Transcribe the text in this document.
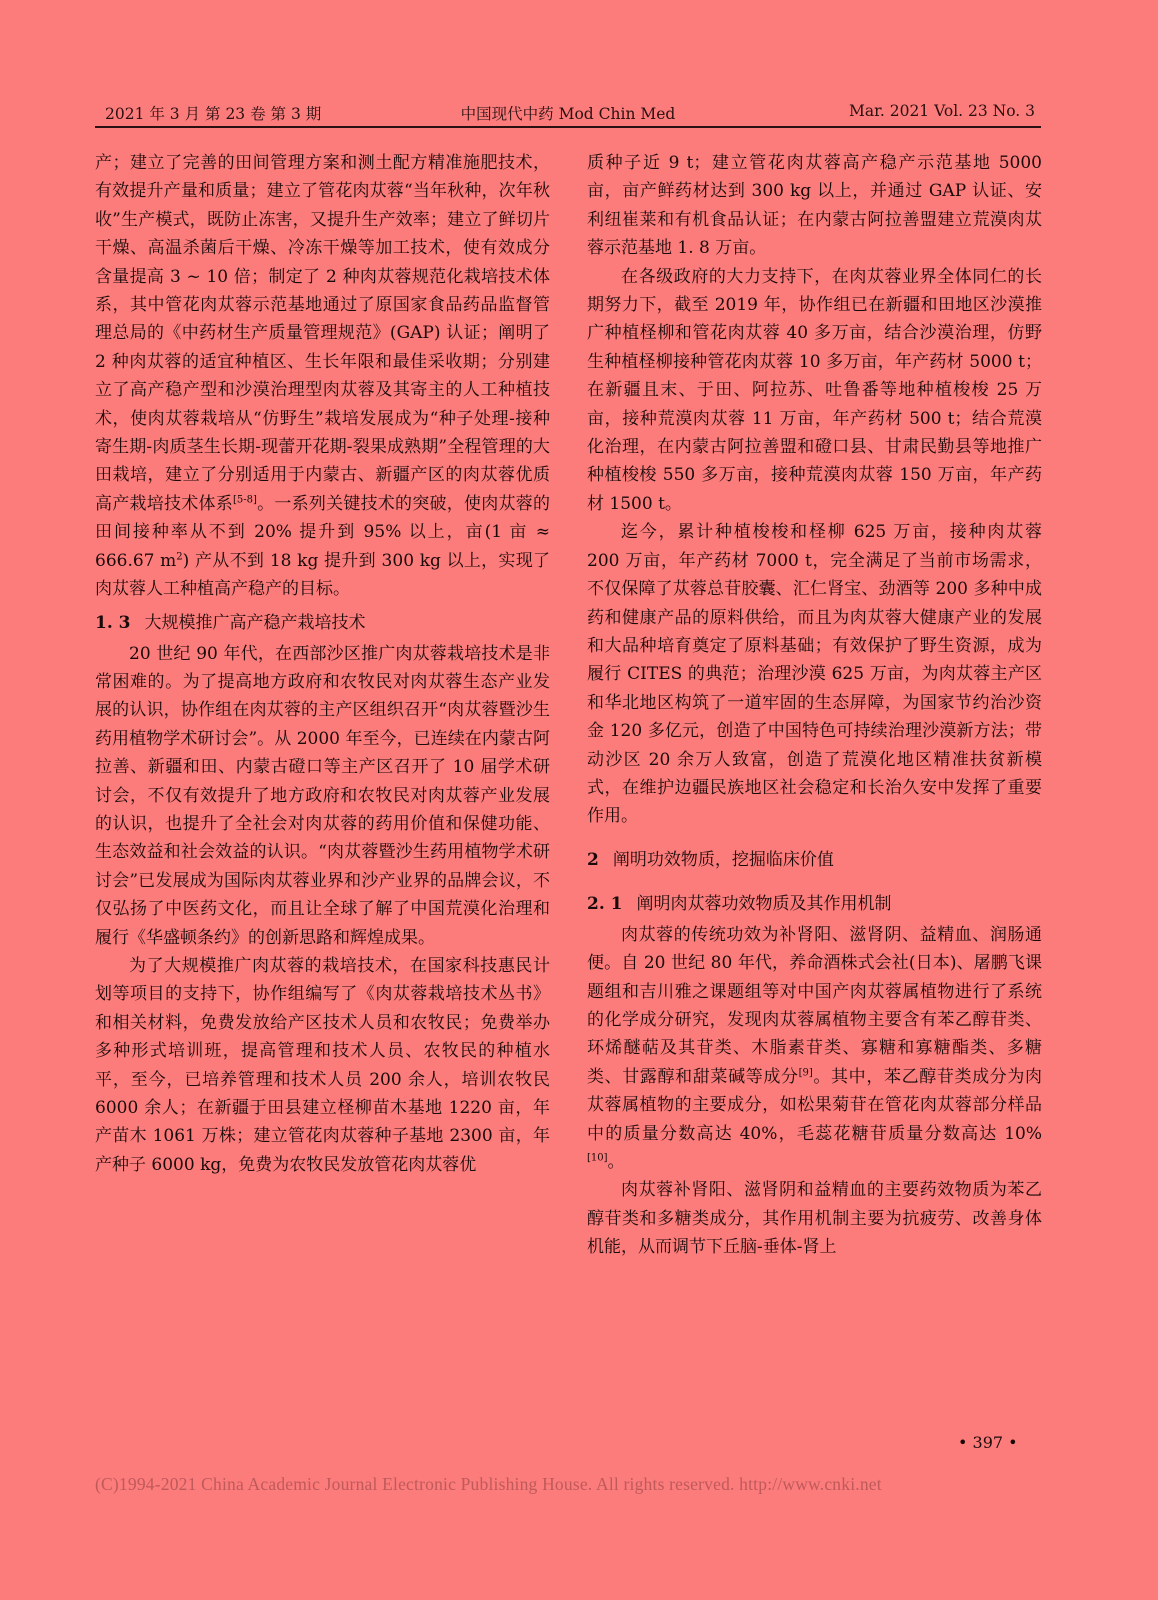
2021 年 3 月 第 23 卷 第 3 期	中国现代中药 Mod Chin Med	Mar. 2021 Vol. 23 No. 3

产；建立了完善的田间管理方案和测土配方精准施肥技术，有效提升产量和质量；建立了管花肉苁蓉“当年秋种，次年秋收”生产模式，既防止冻害，又提升生产效率；建立了鲜切片干燥、高温杀菌后干燥、冷冻干燥等加工技术，使有效成分含量提高 3 ~ 10 倍；制定了 2 种肉苁蓉规范化栽培技术体系，其中管花肉苁蓉示范基地通过了原国家食品药品监督管理总局的《中药材生产质量管理规范》(GAP) 认证；阐明了 2 种肉苁蓉的适宜种植区、生长年限和最佳采收期；分别建立了高产稳产型和沙漠治理型肉苁蓉及其寄主的人工种植技术，使肉苁蓉栽培从“仿野生”栽培发展成为“种子处理-接种寄生期-肉质茎生长期-现蕾开花期-裂果成熟期”全程管理的大田栽培，建立了分别适用于内蒙古、新疆产区的肉苁蓉优质高产栽培技术体系[5-8]。一系列关键技术的突破，使肉苁蓉的田间接种率从不到 20% 提升到 95% 以上，亩(1 亩 ≈ 666.67 $m^2$) 产从不到 18 kg 提升到 300 kg 以上，实现了肉苁蓉人工种植高产稳产的目标。

1. 3 大规模推广高产稳产栽培技术

20 世纪 90 年代，在西部沙区推广肉苁蓉栽培技术是非常困难的。为了提高地方政府和农牧民对肉苁蓉生态产业发展的认识，协作组在肉苁蓉的主产区组织召开“肉苁蓉暨沙生药用植物学术研讨会”。从 2000 年至今，已连续在内蒙古阿拉善、新疆和田、内蒙古磴口等主产区召开了 10 届学术研讨会，不仅有效提升了地方政府和农牧民对肉苁蓉产业发展的认识，也提升了全社会对肉苁蓉的药用价值和保健功能、生态效益和社会效益的认识。“肉苁蓉暨沙生药用植物学术研讨会”已发展成为国际肉苁蓉业界和沙产业界的品牌会议，不仅弘扬了中医药文化，而且让全球了解了中国荒漠化治理和履行《华盛顿条约》的创新思路和辉煌成果。

为了大规模推广肉苁蓉的栽培技术，在国家科技惠民计划等项目的支持下，协作组编写了《肉苁蓉栽培技术丛书》和相关材料，免费发放给产区技术人员和农牧民；免费举办多种形式培训班，提高管理和技术人员、农牧民的种植水平，至今，已培养管理和技术人员 200 余人，培训农牧民 6000 余人；在新疆于田县建立柽柳苗木基地 1220 亩，年产苗木 1061 万株；建立管花肉苁蓉种子基地 2300 亩，年产种子 6000 kg，免费为农牧民发放管花肉苁蓉优

质种子近 9 t；建立管花肉苁蓉高产稳产示范基地 5000 亩，亩产鲜药材达到 300 kg 以上，并通过 GAP 认证、安利纽崔莱和有机食品认证；在内蒙古阿拉善盟建立荒漠肉苁蓉示范基地 1. 8 万亩。

在各级政府的大力支持下，在肉苁蓉业界全体同仁的长期努力下，截至 2019 年，协作组已在新疆和田地区沙漠推广种植柽柳和管花肉苁蓉 40 多万亩，结合沙漠治理，仿野生种植柽柳接种管花肉苁蓉 10 多万亩，年产药材 5000 t；在新疆且末、于田、阿拉苏、吐鲁番等地种植梭梭 25 万亩，接种荒漠肉苁蓉 11 万亩，年产药材 500 t；结合荒漠化治理，在内蒙古阿拉善盟和磴口县、甘肃民勤县等地推广种植梭梭 550 多万亩，接种荒漠肉苁蓉 150 万亩，年产药材 1500 t。

迄今，累计种植梭梭和柽柳 625 万亩，接种肉苁蓉 200 万亩，年产药材 7000 t，完全满足了当前市场需求，不仅保障了苁蓉总苷胶囊、汇仁肾宝、劲酒等 200 多种中成药和健康产品的原料供给，而且为肉苁蓉大健康产业的发展和大品种培育奠定了原料基础；有效保护了野生资源，成为履行 CITES 的典范；治理沙漠 625 万亩，为肉苁蓉主产区和华北地区构筑了一道牢固的生态屏障，为国家节约治沙资金 120 多亿元，创造了中国特色可持续治理沙漠新方法；带动沙区 20 余万人致富，创造了荒漠化地区精准扶贫新模式，在维护边疆民族地区社会稳定和长治久安中发挥了重要作用。

2 阐明功效物质，挖掘临床价值
2. 1 阐明肉苁蓉功效物质及其作用机制

肉苁蓉的传统功效为补肾阳、滋肾阴、益精血、润肠通便。自 20 世纪 80 年代，养命酒株式会社(日本)、屠鹏飞课题组和吉川雅之课题组等对中国产肉苁蓉属植物进行了系统的化学成分研究，发现肉苁蓉属植物主要含有苯乙醇苷类、环烯醚萜及其苷类、木脂素苷类、寡糖和寡糖酯类、多糖类、甘露醇和甜菜碱等成分[9]。其中，苯乙醇苷类成分为肉苁蓉属植物的主要成分，如松果菊苷在管花肉苁蓉部分样品中的质量分数高达 40%，毛蕊花糖苷质量分数高达 10%[10]。

肉苁蓉补肾阳、滋肾阴和益精血的主要药效物质为苯乙醇苷类和多糖类成分，其作用机制主要为抗疲劳、改善身体机能，从而调节下丘脑-垂体-肾上

• 397 •
(C)1994-2021 China Academic Journal Electronic Publishing House. All rights reserved. http://www.cnki.net
